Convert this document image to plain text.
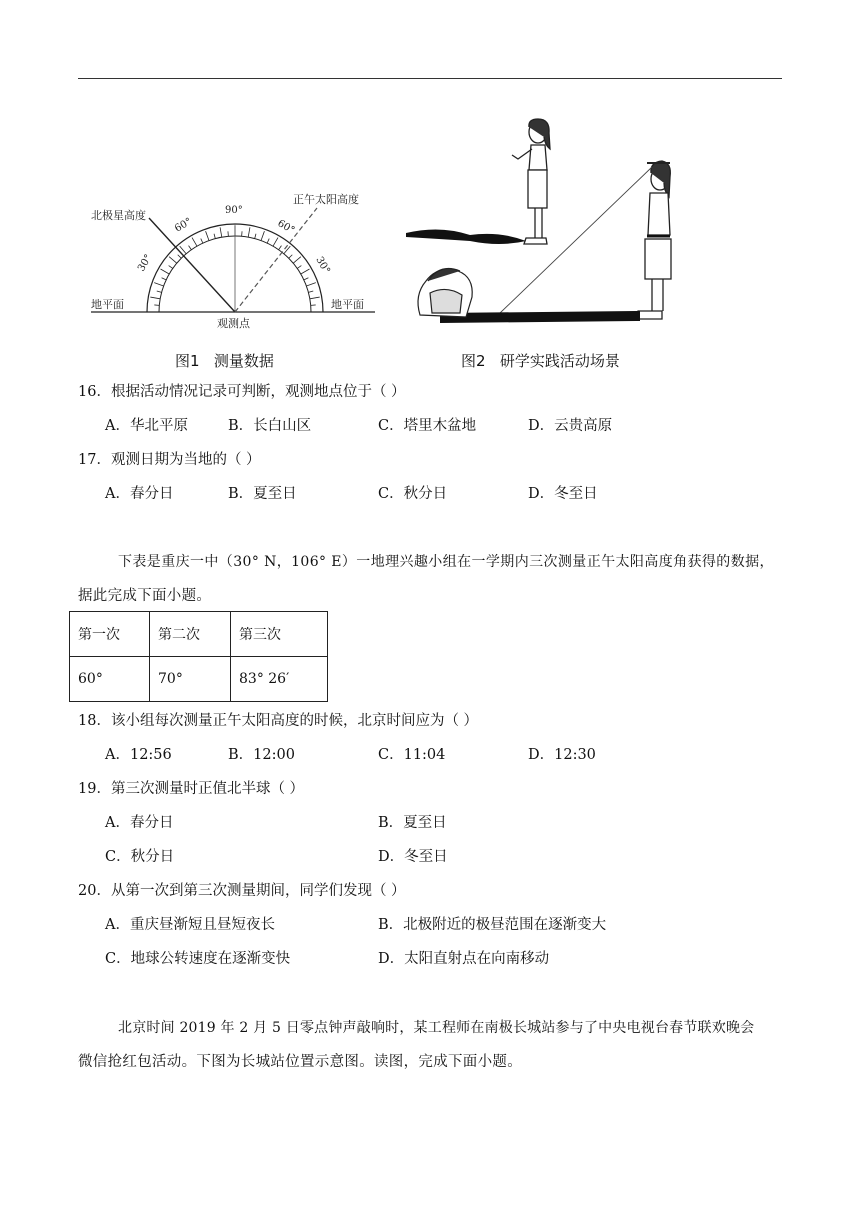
北极星高度
正午太阳高度
地平面	地平面
观测点
90°
60°
30°
60°
30°
图1 测量数据	图2 研学实践活动场景
16．根据活动情况记录可判断，观测地点位于（ ）
A．华北平原	B．长白山区	C．塔里木盆地	D．云贵高原
17．观测日期为当地的（ ）
A．春分日	B．夏至日	C．秋分日	D．冬至日
下表是重庆一中（30° N，106° E）一地理兴趣小组在一学期内三次测量正午太阳高度角获得的数据，
据此完成下面小题。
第一次	第二次	第三次
60°	70°	83° 26′
18．该小组每次测量正午太阳高度的时候，北京时间应为（ ）
A．12:56	B．12:00	C．11:04	D．12:30
19．第三次测量时正值北半球（ ）
A．春分日	B．夏至日
C．秋分日	D．冬至日
20．从第一次到第三次测量期间，同学们发现（ ）
A．重庆昼渐短且昼短夜长	B．北极附近的极昼范围在逐渐变大
C．地球公转速度在逐渐变快	D．太阳直射点在向南移动
北京时间 2019 年 2 月 5 日零点钟声敲响时，某工程师在南极长城站参与了中央电视台春节联欢晚会
微信抢红包活动。下图为长城站位置示意图。读图，完成下面小题。
